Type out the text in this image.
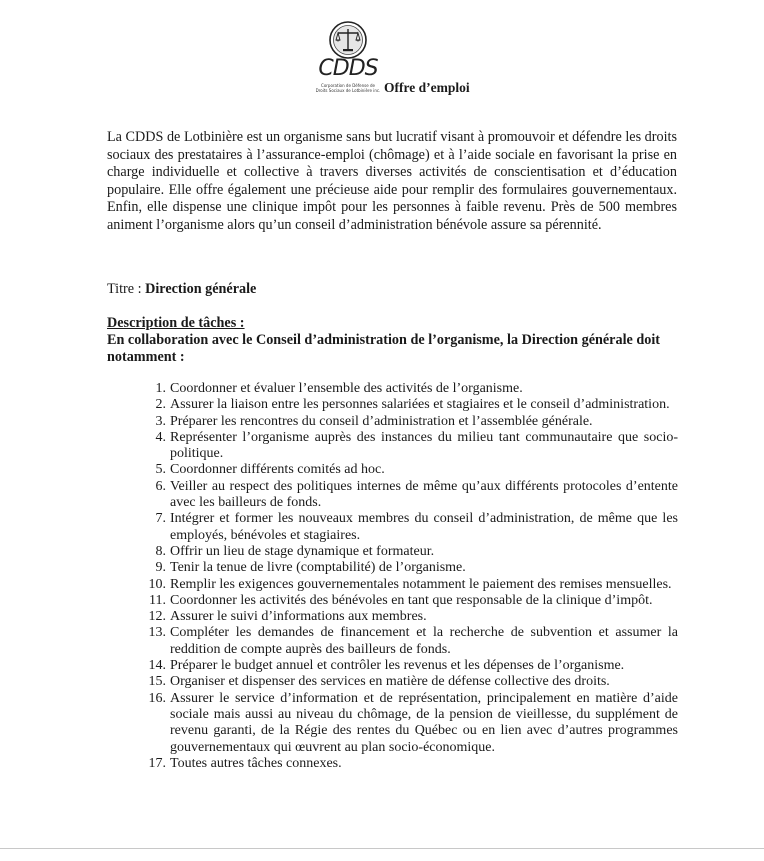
CDDS
Corporation de Défense de
Droits Sociaux de Lotbinière inc. Offre d’emploi

La CDDS de Lotbinière est un organisme sans but lucratif visant à promouvoir et défendre les droits sociaux des prestataires à l’assurance-emploi (chômage) et à l’aide sociale en favorisant la prise en charge individuelle et collective à travers diverses activités de conscientisation et d’éducation populaire. Elle offre également une précieuse aide pour remplir des formulaires gouvernementaux. Enfin, elle dispense une clinique impôt pour les personnes à faible revenu. Près de 500 membres animent l’organisme alors qu’un conseil d’administration bénévole assure sa pérennité.

Titre : Direction générale

Description de tâches :

En collaboration avec le Conseil d’administration de l’organisme, la Direction générale doit notamment :

1. Coordonner et évaluer l’ensemble des activités de l’organisme.
2. Assurer la liaison entre les personnes salariées et stagiaires et le conseil d’administration.
3. Préparer les rencontres du conseil d’administration et l’assemblée générale.
4. Représenter l’organisme auprès des instances du milieu tant communautaire que socio-politique.
5. Coordonner différents comités ad hoc.
6. Veiller au respect des politiques internes de même qu’aux différents protocoles d’entente avec les bailleurs de fonds.
7. Intégrer et former les nouveaux membres du conseil d’administration, de même que les employés, bénévoles et stagiaires.
8. Offrir un lieu de stage dynamique et formateur.
9. Tenir la tenue de livre (comptabilité) de l’organisme.
10. Remplir les exigences gouvernementales notamment le paiement des remises mensuelles.
11. Coordonner les activités des bénévoles en tant que responsable de la clinique d’impôt.
12. Assurer le suivi d’informations aux membres.
13. Compléter les demandes de financement et la recherche de subvention et assumer la reddition de compte auprès des bailleurs de fonds.
14. Préparer le budget annuel et contrôler les revenus et les dépenses de l’organisme.
15. Organiser et dispenser des services en matière de défense collective des droits.
16. Assurer le service d’information et de représentation, principalement en matière d’aide sociale mais aussi au niveau du chômage, de la pension de vieillesse, du supplément de revenu garanti, de la Régie des rentes du Québec ou en lien avec d’autres programmes gouvernementaux qui œuvrent au plan socio-économique.
17. Toutes autres tâches connexes.
